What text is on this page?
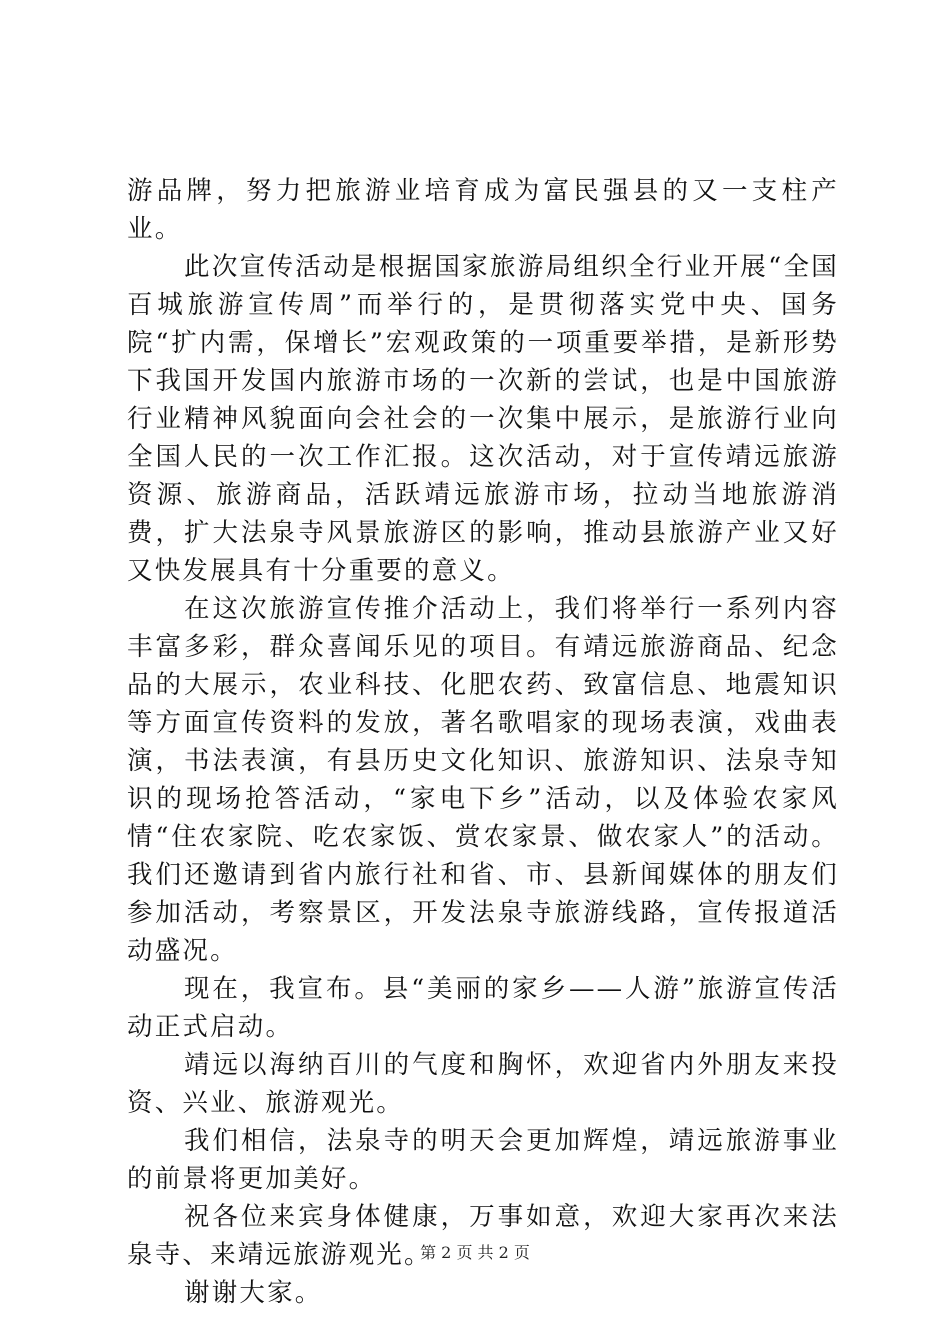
游品牌，努力把旅游业培育成为富民强县的又一支柱产业。

此次宣传活动是根据国家旅游局组织全行业开展“全国百城旅游宣传周”而举行的，是贯彻落实党中央、国务院“扩内需，保增长”宏观政策的一项重要举措，是新形势下我国开发国内旅游市场的一次新的尝试，也是中国旅游行业精神风貌面向会社会的一次集中展示，是旅游行业向全国人民的一次工作汇报。这次活动，对于宣传靖远旅游资源、旅游商品，活跃靖远旅游市场，拉动当地旅游消费，扩大法泉寺风景旅游区的影响，推动县旅游产业又好又快发展具有十分重要的意义。

在这次旅游宣传推介活动上，我们将举行一系列内容丰富多彩，群众喜闻乐见的项目。有靖远旅游商品、纪念品的大展示，农业科技、化肥农药、致富信息、地震知识等方面宣传资料的发放，著名歌唱家的现场表演，戏曲表演，书法表演，有县历史文化知识、旅游知识、法泉寺知识的现场抢答活动，“家电下乡”活动，以及体验农家风情“住农家院、吃农家饭、赏农家景、做农家人”的活动。我们还邀请到省内旅行社和省、市、县新闻媒体的朋友们参加活动，考察景区，开发法泉寺旅游线路，宣传报道活动盛况。

现在，我宣布。县“美丽的家乡——人游”旅游宣传活动正式启动。

靖远以海纳百川的气度和胸怀，欢迎省内外朋友来投资、兴业、旅游观光。

我们相信，法泉寺的明天会更加辉煌，靖远旅游事业的前景将更加美好。

祝各位来宾身体健康，万事如意，欢迎大家再次来法泉寺、来靖远旅游观光。

谢谢大家。

第 2 页 共 2 页
